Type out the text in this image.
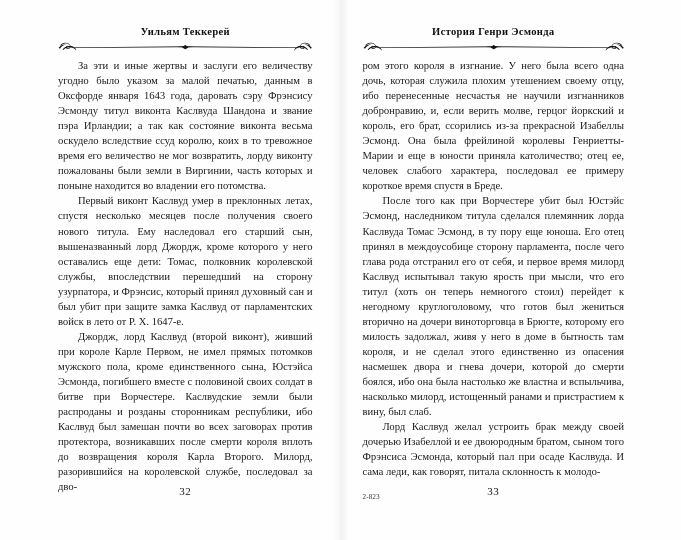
Уильям Теккерей

За эти и иные жертвы и заслуги его величеству угодно было указом за малой печатью, данным в Оксфорде января 1643 года, даровать сэру Фрэнсису Эсмонду титул виконта Каслвуда Шандона и звание пэра Ирландии; а так как состояние виконта весьма оскудело вследствие ссуд королю, коих в то тревожное время его величество не мог возвратить, лорду виконту пожалованы были земли в Виргинии, часть которых и поныне находится во владении его потомства.

Первый виконт Каслвуд умер в преклонных летах, спустя несколько месяцев после получения своего нового титула. Ему наследовал его старший сын, вышеназванный лорд Джордж, кроме которого у него оставались еще дети: Томас, полковник королевской службы, впоследствии перешедший на сторону узурпатора, и Фрэнсис, который принял духовный сан и был убит при защите замка Каслвуд от парламентских войск в лето от Р. Х. 1647-е.

Джордж, лорд Каслвуд (второй виконт), живший при короле Карле Первом, не имел прямых потомков мужского пола, кроме единственного сына, Юстэйса Эсмонда, погибшего вместе с половиной своих солдат в битве при Ворчестере. Каслвудские земли были распроданы и розданы сторонникам республики, ибо Каслвуд был замешан почти во всех заговорах против протектора, возникавших после смерти короля вплоть до возвращения короля Карла Второго. Милорд, разорившийся на королевской службе, последовал за дво-	32
История Генри Эсмонда

ром этого короля в изгнание. У него была всего одна дочь, которая служила плохим утешением своему отцу, ибо перенесенные несчастья не научили изгнанников добронравию, и, если верить молве, герцог йоркский и король, его брат, ссорились из-за прекрасной Изабеллы Эсмонд. Она была фрейлиной королевы Генриетты-Марии и еще в юности приняла католичество; отец ее, человек слабого характера, последовал ее примеру короткое время спустя в Бреде.

После того как при Ворчестере убит был Юстэйс Эсмонд, наследником титула сделался племянник лорда Каслвуда Томас Эсмонд, в ту пору еще юноша. Его отец принял в междоусобице сторону парламента, после чего глава рода отстранил его от себя, и первое время милорд Каслвуд испытывал такую ярость при мысли, что его титул (хоть он теперь немногого стоил) перейдет к негодному круглоголовому, что готов был жениться вторично на дочери виноторговца в Брюгте, которому его милость задолжал, живя у него в доме в бытность там короля, и не сделал этого единственно из опасения насмешек двора и гнева дочери, которой до смерти боялся, ибо она была настолько же властна и вспыльчива, насколько милорд, истощенный ранами и пристрастием к вину, был слаб.

Лорд Каслвуд желал устроить брак между своей дочерью Изабеллой и ее двоюродным братом, сыном того Фрэнсиса Эсмонда, который пал при осаде Каслвуда. И сама леди, как говорят, питала склонность к молодо-

33
2-823
